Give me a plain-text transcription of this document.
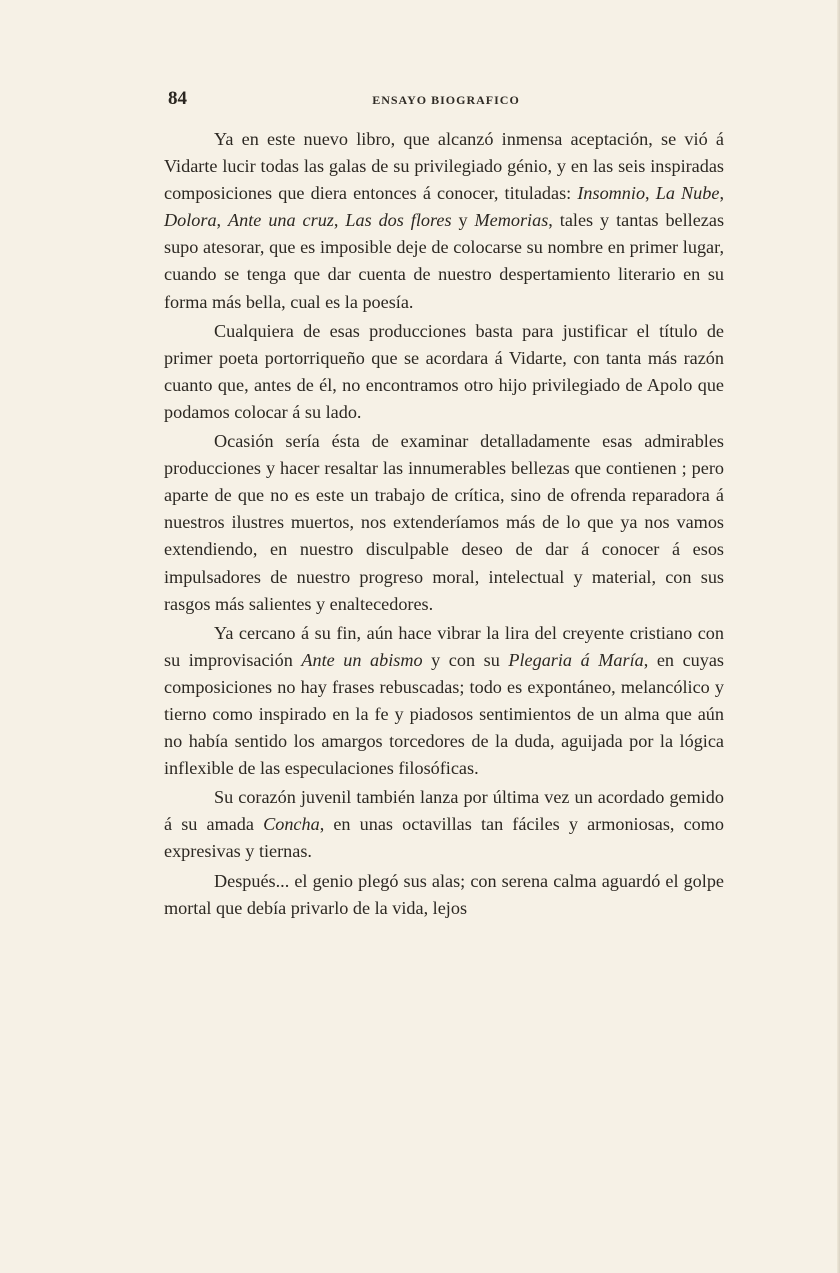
84	ENSAYO BIOGRAFICO

Ya en este nuevo libro, que alcanzó inmensa aceptación, se vió á Vidarte lucir todas las galas de su privilegiado génio, y en las seis inspiradas composiciones que diera entonces á conocer, tituladas: Insomnio, La Nube, Dolora, Ante una cruz, Las dos flores y Memorias, tales y tantas bellezas supo atesorar, que es imposible deje de colocarse su nombre en primer lugar, cuando se tenga que dar cuenta de nuestro despertamiento literario en su forma más bella, cual es la poesía.

Cualquiera de esas producciones basta para justificar el título de primer poeta portorriqueño que se acordara á Vidarte, con tanta más razón cuanto que, antes de él, no encontramos otro hijo privilegiado de Apolo que podamos colocar á su lado.

Ocasión sería ésta de examinar detalladamente esas admirables producciones y hacer resaltar las innumerables bellezas que contienen ; pero aparte de que no es este un trabajo de crítica, sino de ofrenda reparadora á nuestros ilustres muertos, nos extenderíamos más de lo que ya nos vamos extendiendo, en nuestro disculpable deseo de dar á conocer á esos impulsadores de nuestro progreso moral, intelectual y material, con sus rasgos más salientes y enaltecedores.

Ya cercano á su fin, aún hace vibrar la lira del creyente cristiano con su improvisación Ante un abismo y con su Plegaria á María, en cuyas composiciones no hay frases rebuscadas; todo es expontáneo, melancólico y tierno como inspirado en la fe y piadosos sentimientos de un alma que aún no había sentido los amargos torcedores de la duda, aguijada por la lógica inflexible de las especulaciones filosóficas.

Su corazón juvenil también lanza por última vez un acordado gemido á su amada Concha, en unas octavillas tan fáciles y armoniosas, como expresivas y tiernas.

Después... el genio plegó sus alas; con serena calma aguardó el golpe mortal que debía privarlo de la vida, lejos
